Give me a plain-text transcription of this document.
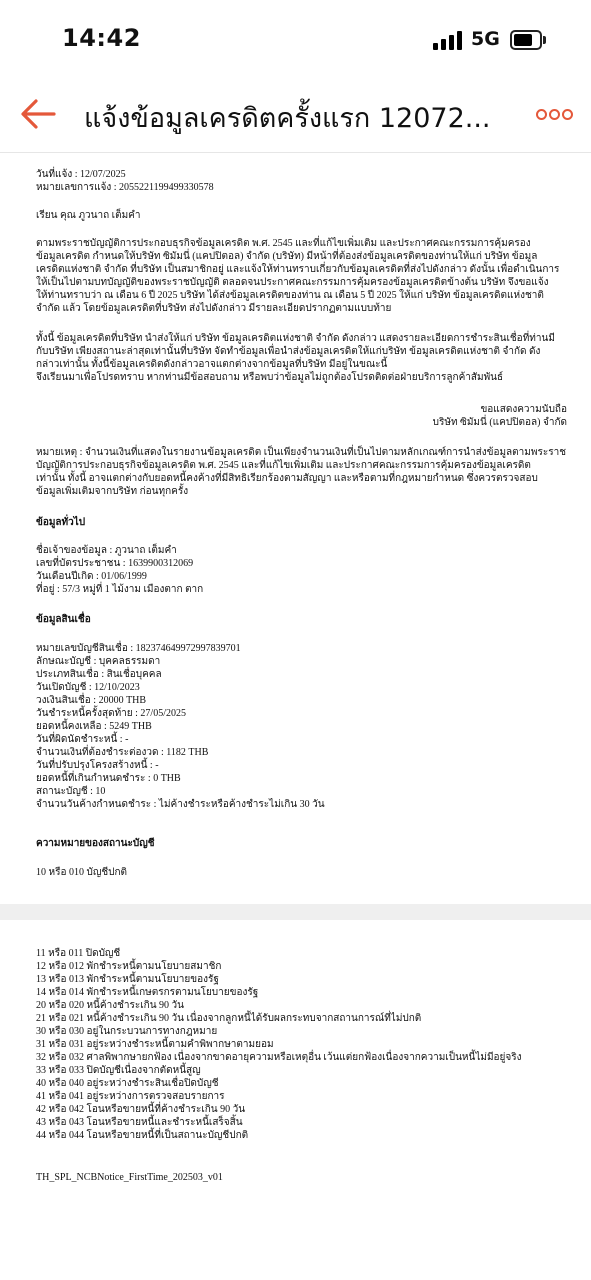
14:42	5G
แจ้งข้อมูลเครดิตครั้งแรก 12072...
วันที่แจ้ง : 12/07/2025
หมายเลขการแจ้ง : 2055221199499330578
เรียน คุณ ภูวนาถ เต็มคำ
ตามพระราชบัญญัติการประกอบธุรกิจข้อมูลเครดิต พ.ศ. 2545 และที่แก้ไขเพิ่มเติม และประกาศคณะกรรมการคุ้มครอง
ข้อมูลเครดิต กำหนดให้บริษัท ซิมัมนี่ (แคปปิตอล) จำกัด (บริษัท) มีหน้าที่ต้องส่งข้อมูลเครดิตของท่านให้แก่ บริษัท ข้อมูล
เครดิตแห่งชาติ จำกัด ที่บริษัท เป็นสมาชิกอยู่ และแจ้งให้ท่านทราบเกี่ยวกับข้อมูลเครดิตที่ส่งไปดังกล่าว ดังนั้น เพื่อดำเนินการ
ให้เป็นไปตามบทบัญญัติของพระราชบัญญัติ ตลอดจนประกาศคณะกรรมการคุ้มครองข้อมูลเครดิตข้างต้น บริษัท จึงขอแจ้ง
ให้ท่านทราบว่า ณ เดือน 6 ปี 2025 บริษัท ได้ส่งข้อมูลเครดิตของท่าน ณ เดือน 5 ปี 2025 ให้แก่ บริษัท ข้อมูลเครดิตแห่งชาติ
จำกัด แล้ว โดยข้อมูลเครดิตที่บริษัท ส่งไปดังกล่าว มีรายละเอียดปรากฏตามแบบท้าย
ทั้งนี้ ข้อมูลเครดิตที่บริษัท นำส่งให้แก่ บริษัท ข้อมูลเครดิตแห่งชาติ จำกัด ดังกล่าว แสดงรายละเอียดการชำระสินเชื่อที่ท่านมี
กับบริษัท เพียงสถานะล่าสุดเท่านั้นที่บริษัท จัดทำข้อมูลเพื่อนำส่งข้อมูลเครดิตให้แก่บริษัท ข้อมูลเครดิตแห่งชาติ จำกัด ดัง
กล่าวเท่านั้น ทั้งนี้ข้อมูลเครดิตดังกล่าวอาจแตกต่างจากข้อมูลที่บริษัท มีอยู่ในขณะนี้
จึงเรียนมาเพื่อโปรดทราบ หากท่านมีข้อสอบถาม หรือพบว่าข้อมูลไม่ถูกต้องโปรดติดต่อฝ่ายบริการลูกค้าสัมพันธ์
ขอแสดงความนับถือ
บริษัท ซิมัมนี่ (แคปปิตอล) จำกัด
หมายเหตุ : จำนวนเงินที่แสดงในรายงานข้อมูลเครดิต เป็นเพียงจำนวนเงินที่เป็นไปตามหลักเกณฑ์การนำส่งข้อมูลตามพระราช
บัญญัติการประกอบธุรกิจข้อมูลเครดิต พ.ศ. 2545 และที่แก้ไขเพิ่มเติม และประกาศคณะกรรมการคุ้มครองข้อมูลเครดิต
เท่านั้น ทั้งนี้ อาจแตกต่างกับยอดหนี้คงค้างที่มีสิทธิเรียกร้องตามสัญญา และหรือตามที่กฎหมายกำหนด ซึ่งควรตรวจสอบ
ข้อมูลเพิ่มเติมจากบริษัท ก่อนทุกครั้ง
ข้อมูลทั่วไป
ชื่อเจ้าของข้อมูล : ภูวนาถ เต็มคำ
เลขที่บัตรประชาชน : 1639900312069
วันเดือนปีเกิด : 01/06/1999
ที่อยู่ : 57/3 หมู่ที่ 1 ไม้งาม เมืองตาก ตาก
ข้อมูลสินเชื่อ
หมายเลขบัญชีสินเชื่อ : 182374649972997839701
ลักษณะบัญชี : บุคคลธรรมดา
ประเภทสินเชื่อ : สินเชื่อบุคคล
วันเปิดบัญชี : 12/10/2023
วงเงินสินเชื่อ : 20000 THB
วันชำระหนี้ครั้งสุดท้าย : 27/05/2025
ยอดหนี้คงเหลือ : 5249 THB
วันที่ผิดนัดชำระหนี้ : -
จำนวนเงินที่ต้องชำระต่องวด : 1182 THB
วันที่ปรับปรุงโครงสร้างหนี้ : -
ยอดหนี้ที่เกินกำหนดชำระ : 0 THB
สถานะบัญชี : 10
จำนวนวันค้างกำหนดชำระ : ไม่ค้างชำระหรือค้างชำระไม่เกิน 30 วัน
ความหมายของสถานะบัญชี
10 หรือ 010 บัญชีปกติ
11 หรือ 011 ปิดบัญชี
12 หรือ 012 พักชำระหนี้ตามนโยบายสมาชิก
13 หรือ 013 พักชำระหนี้ตามนโยบายของรัฐ
14 หรือ 014 พักชำระหนี้เกษตรกรตามนโยบายของรัฐ
20 หรือ 020 หนี้ค้างชำระเกิน 90 วัน
21 หรือ 021 หนี้ค้างชำระเกิน 90 วัน เนื่องจากลูกหนี้ได้รับผลกระทบจากสถานการณ์ที่ไม่ปกติ
30 หรือ 030 อยู่ในกระบวนการทางกฎหมาย
31 หรือ 031 อยู่ระหว่างชำระหนี้ตามคำพิพากษาตามยอม
32 หรือ 032 ศาลพิพากษายกฟ้อง เนื่องจากขาดอายุความหรือเหตุอื่น เว้นแต่ยกฟ้องเนื่องจากความเป็นหนี้ไม่มีอยู่จริง
33 หรือ 033 ปิดบัญชีเนื่องจากตัดหนี้สูญ
40 หรือ 040 อยู่ระหว่างชำระสินเชื่อปิดบัญชี
41 หรือ 041 อยู่ระหว่างการตรวจสอบรายการ
42 หรือ 042 โอนหรือขายหนี้ที่ค้างชำระเกิน 90 วัน
43 หรือ 043 โอนหรือขายหนี้และชำระหนี้เสร็จสิ้น
44 หรือ 044 โอนหรือขายหนี้ที่เป็นสถานะบัญชีปกติ
TH_SPL_NCBNotice_FirstTime_202503_v01
